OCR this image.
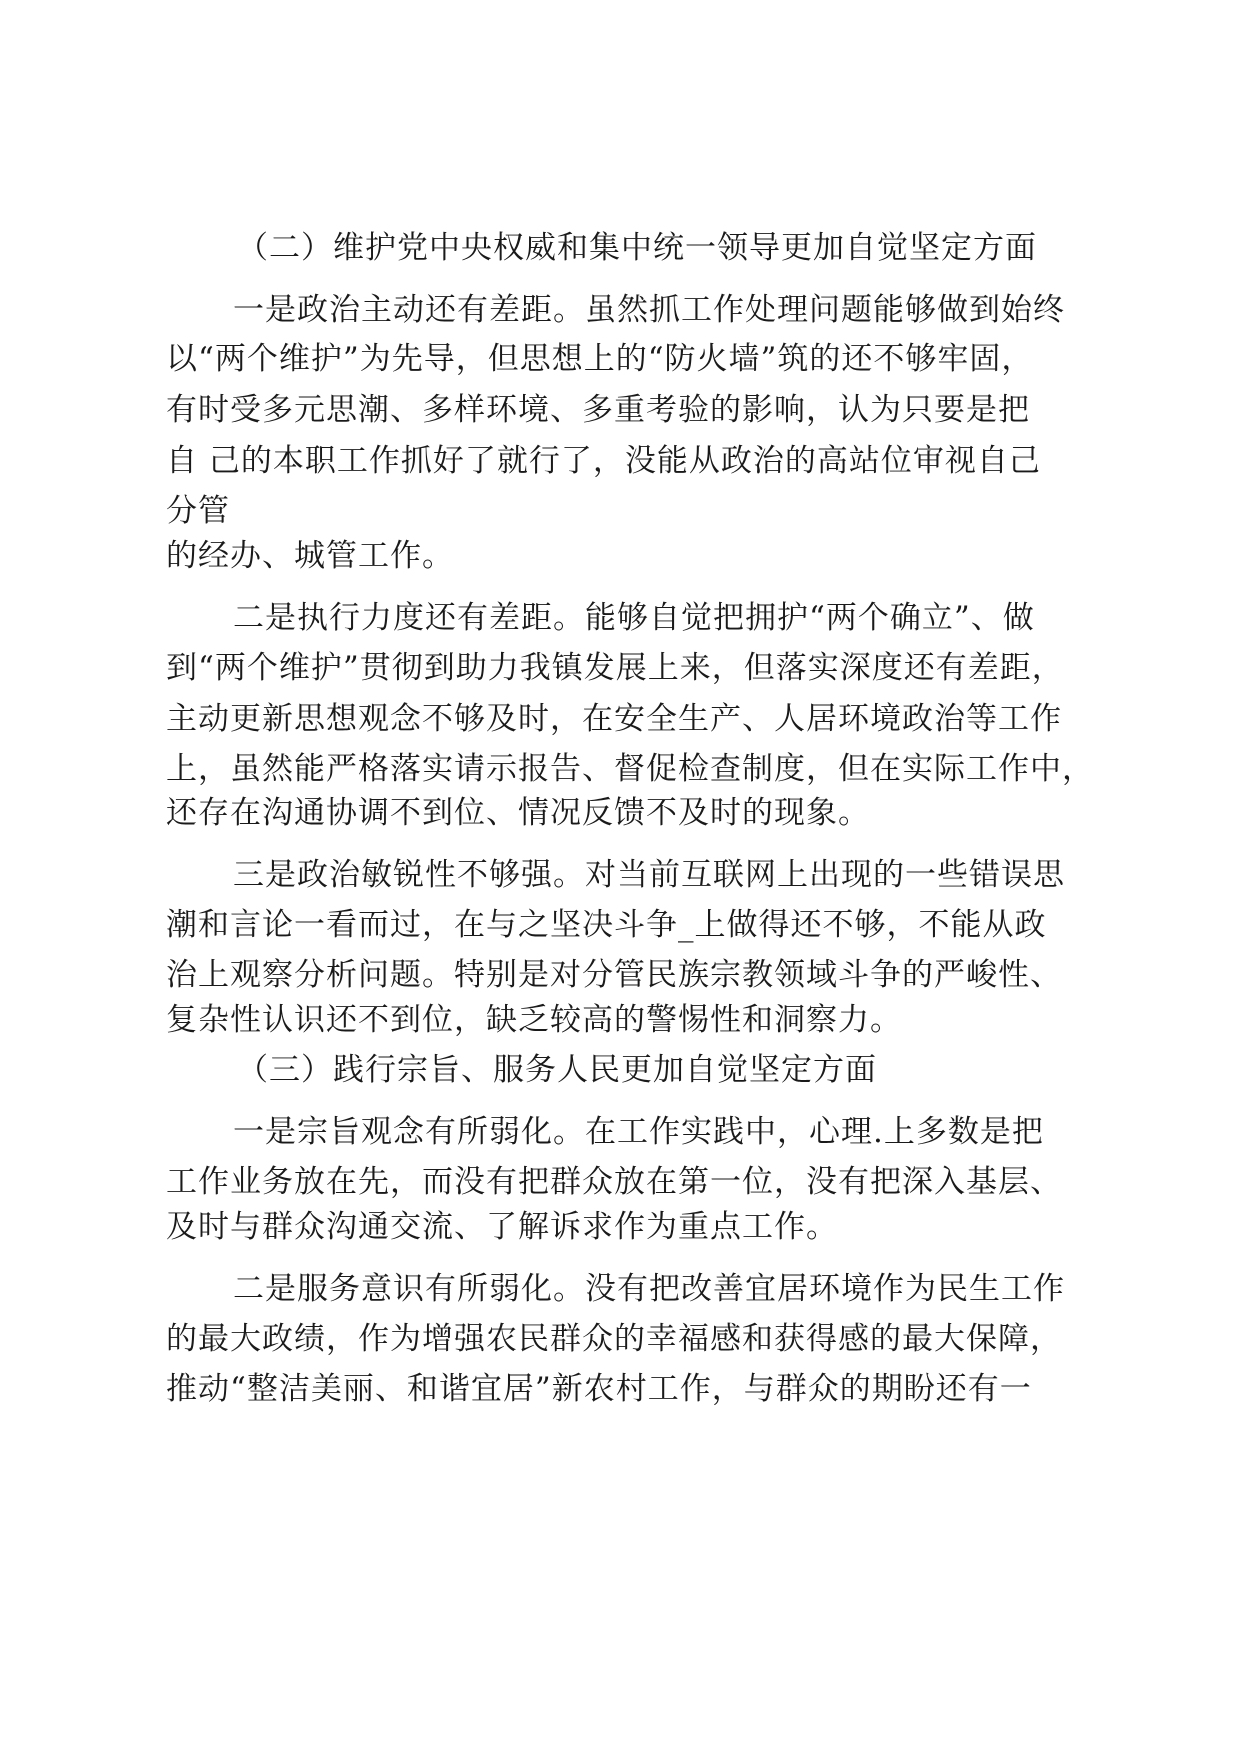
（二）维护党中央权威和集中统一领导更加自觉坚定方面

一是政治主动还有差距。虽然抓工作处理问题能够做到始终

以“两个维护”为先导，但思想上的“防火墙”筑的还不够牢固，

有时受多元思潮、多样环境、多重考验的影响，认为只要是把

自 己的本职工作抓好了就行了，没能从政治的高站位审视自己

分管

的经办、城管工作。

二是执行力度还有差距。能够自觉把拥护“两个确立”、做

到“两个维护”贯彻到助力我镇发展上来，但落实深度还有差距，

主动更新思想观念不够及时，在安全生产、人居环境政治等工作

上，虽然能严格落实请示报告、督促检查制度，但在实际工作中，

还存在沟通协调不到位、情况反馈不及时的现象。

三是政治敏锐性不够强。对当前互联网上出现的一些错误思

潮和言论一看而过，在与之坚决斗争_上做得还不够，不能从政

治上观察分析问题。特别是对分管民族宗教领域斗争的严峻性、

复杂性认识还不到位，缺乏较高的警惕性和洞察力。

（三）践行宗旨、服务人民更加自觉坚定方面

一是宗旨观念有所弱化。在工作实践中，心理.上多数是把

工作业务放在先，而没有把群众放在第一位，没有把深入基层、

及时与群众沟通交流、了解诉求作为重点工作。

二是服务意识有所弱化。没有把改善宜居环境作为民生工作

的最大政绩，作为增强农民群众的幸福感和获得感的最大保障，

推动“整洁美丽、和谐宜居”新农村工作，与群众的期盼还有一
